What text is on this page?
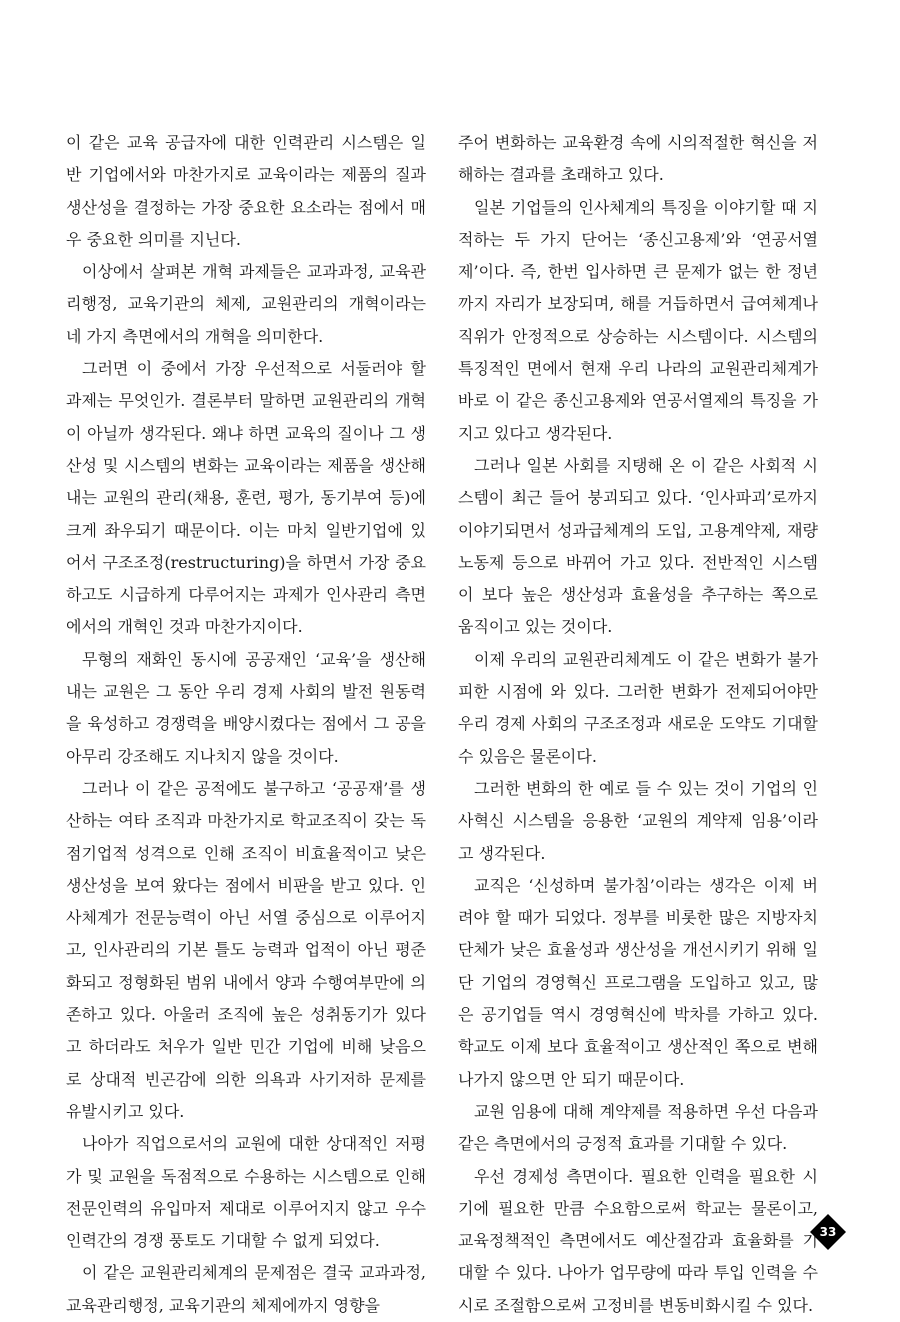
이 같은 교육 공급자에 대한 인력관리 시스템은 일반 기업에서와 마찬가지로 교육이라는 제품의 질과 생산성을 결정하는 가장 중요한 요소라는 점에서 매우 중요한 의미를 지닌다.

이상에서 살펴본 개혁 과제들은 교과과정, 교육관리행정, 교육기관의 체제, 교원관리의 개혁이라는 네 가지 측면에서의 개혁을 의미한다.

그러면 이 중에서 가장 우선적으로 서둘러야 할 과제는 무엇인가. 결론부터 말하면 교원관리의 개혁이 아닐까 생각된다. 왜냐 하면 교육의 질이나 그 생산성 및 시스템의 변화는 교육이라는 제품을 생산해 내는 교원의 관리(채용, 훈련, 평가, 동기부여 등)에 크게 좌우되기 때문이다. 이는 마치 일반기업에 있어서 구조조정(restructuring)을 하면서 가장 중요하고도 시급하게 다루어지는 과제가 인사관리 측면에서의 개혁인 것과 마찬가지이다.

무형의 재화인 동시에 공공재인 ‘교육’을 생산해 내는 교원은 그 동안 우리 경제 사회의 발전 원동력을 육성하고 경쟁력을 배양시켰다는 점에서 그 공을 아무리 강조해도 지나치지 않을 것이다.

그러나 이 같은 공적에도 불구하고 ‘공공재’를 생산하는 여타 조직과 마찬가지로 학교조직이 갖는 독점기업적 성격으로 인해 조직이 비효율적이고 낮은 생산성을 보여 왔다는 점에서 비판을 받고 있다. 인사체계가 전문능력이 아닌 서열 중심으로 이루어지고, 인사관리의 기본 틀도 능력과 업적이 아닌 평준화되고 정형화된 범위 내에서 양과 수행여부만에 의존하고 있다. 아울러 조직에 높은 성취동기가 있다고 하더라도 처우가 일반 민간 기업에 비해 낮음으로 상대적 빈곤감에 의한 의욕과 사기저하 문제를 유발시키고 있다.

나아가 직업으로서의 교원에 대한 상대적인 저평가 및 교원을 독점적으로 수용하는 시스템으로 인해 전문인력의 유입마저 제대로 이루어지지 않고 우수 인력간의 경쟁 풍토도 기대할 수 없게 되었다.

이 같은 교원관리체계의 문제점은 결국 교과과정, 교육관리행정, 교육기관의 체제에까지 영향을

주어 변화하는 교육환경 속에 시의적절한 혁신을 저해하는 결과를 초래하고 있다.

일본 기업들의 인사체계의 특징을 이야기할 때 지적하는 두 가지 단어는 ‘종신고용제’와 ‘연공서열제’이다. 즉, 한번 입사하면 큰 문제가 없는 한 정년까지 자리가 보장되며, 해를 거듭하면서 급여체계나 직위가 안정적으로 상승하는 시스템이다. 시스템의 특징적인 면에서 현재 우리 나라의 교원관리체계가 바로 이 같은 종신고용제와 연공서열제의 특징을 가지고 있다고 생각된다.

그러나 일본 사회를 지탱해 온 이 같은 사회적 시스템이 최근 들어 붕괴되고 있다. ‘인사파괴’로까지 이야기되면서 성과급체계의 도입, 고용계약제, 재량노동제 등으로 바뀌어 가고 있다. 전반적인 시스템이 보다 높은 생산성과 효율성을 추구하는 쪽으로 움직이고 있는 것이다.

이제 우리의 교원관리체계도 이 같은 변화가 불가피한 시점에 와 있다. 그러한 변화가 전제되어야만 우리 경제 사회의 구조조정과 새로운 도약도 기대할 수 있음은 물론이다.

그러한 변화의 한 예로 들 수 있는 것이 기업의 인사혁신 시스템을 응용한 ‘교원의 계약제 임용’이라고 생각된다.

교직은 ‘신성하며 불가침’이라는 생각은 이제 버려야 할 때가 되었다. 정부를 비롯한 많은 지방자치단체가 낮은 효율성과 생산성을 개선시키기 위해 일단 기업의 경영혁신 프로그램을 도입하고 있고, 많은 공기업들 역시 경영혁신에 박차를 가하고 있다. 학교도 이제 보다 효율적이고 생산적인 쪽으로 변해 나가지 않으면 안 되기 때문이다.

교원 임용에 대해 계약제를 적용하면 우선 다음과 같은 측면에서의 긍정적 효과를 기대할 수 있다.

우선 경제성 측면이다. 필요한 인력을 필요한 시기에 필요한 만큼 수요함으로써 학교는 물론이고, 교육정책적인 측면에서도 예산절감과 효율화를 기대할 수 있다. 나아가 업무량에 따라 투입 인력을 수시로 조절함으로써 고정비를 변동비화시킬 수 있다.

33
